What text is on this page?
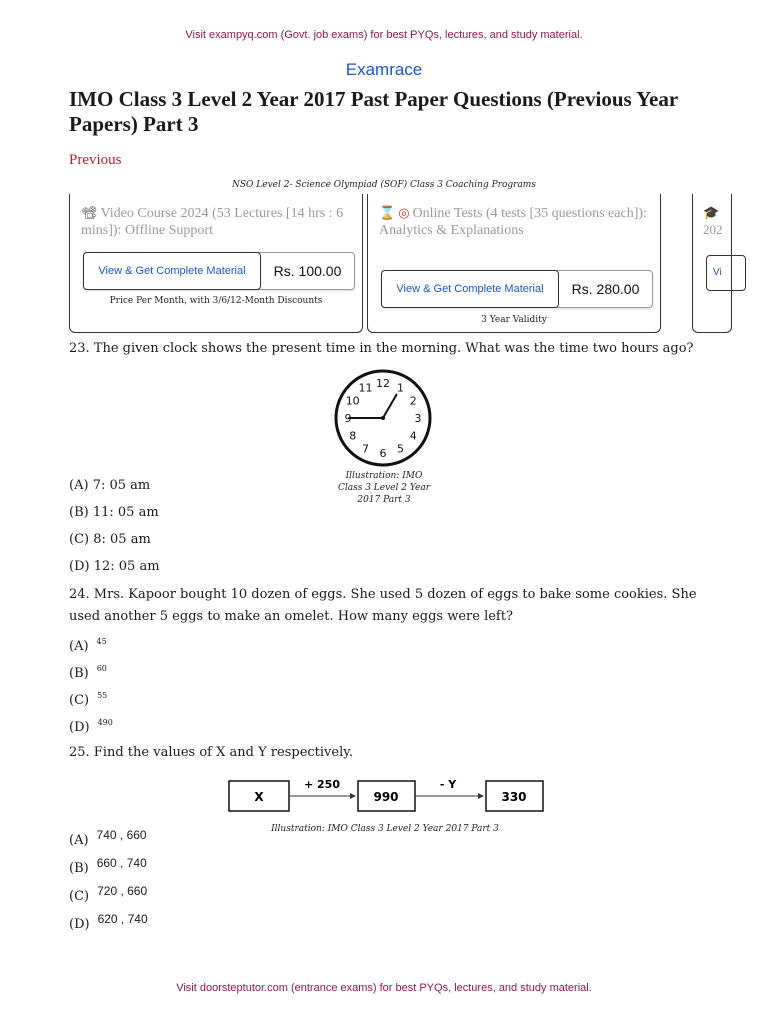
Visit exampyq.com (Govt. job exams) for best PYQs, lectures, and study material.
Examrace
IMO Class 3 Level 2 Year 2017 Past Paper Questions (Previous Year Papers) Part 3
Previous
NSO Level 2- Science Olympiad (SOF) Class 3 Coaching Programs
📽 Video Course 2024 (53 Lectures [14 hrs : 6 mins]): Offline Support
View & Get Complete Material	Rs. 100.00
Price Per Month, with 3/6/12-Month Discounts
⌛ ◎ Online Tests (4 tests [35 questions each]): Analytics & Explanations
View & Get Complete Material	Rs. 280.00
3 Year Validity
🎓
202
Vi
23. The given clock shows the present time in the morning. What was the time two hours ago?
12 1
2
3
4
5
6
7
8
9
10
11
Illustration: IMO Class 3 Level 2 Year 2017 Part 3
(A) 7: 05 am
(B) 11: 05 am
(C) 8: 05 am
(D) 12: 05 am
24. Mrs. Kapoor bought 10 dozen of eggs. She used 5 dozen of eggs to bake some cookies. She used another 5 eggs to make an omelet. How many eggs were left?
(A) $^{45}$
(B) $^{60}$
(C) $^{55}$
(D) $^{490}$
25. Find the values of X and Y respectively.
X
+ 250
990
- Y
330
Illustration: IMO Class 3 Level 2 Year 2017 Part 3
(A) 740 , 660
(B) 660 , 740
(C) 720 , 660
(D) 620 , 740
Visit doorsteptutor.com (entrance exams) for best PYQs, lectures, and study material.
